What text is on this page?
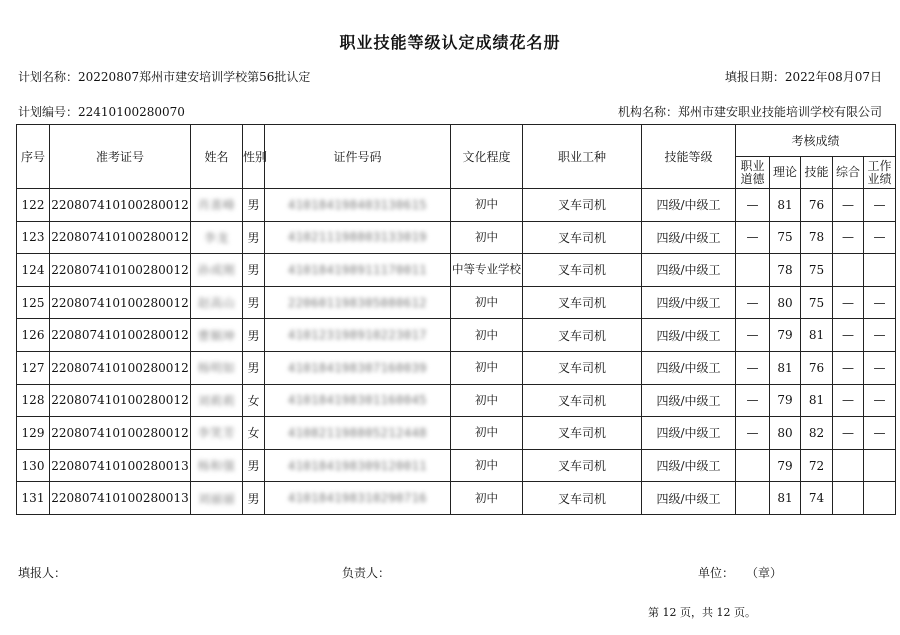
职业技能等级认定成绩花名册
计划名称：20220807郑州市建安培训学校第56批认定	填报日期：2022年08月07日
计划编号：22410100280070	机构名称：郑州市建安职业技能培训学校有限公司
序号	准考证号	姓名	性别	证件号码	文化程度	职业工种	技能等级	考核成绩				
								职业道德	理论	技能	综合	工作业绩
122	220807410100280012	肖喜峰	男	410184198403130615	初中	叉车司机	四级/中级工	—	81	76	—	—
123	220807410100280012	李龙	男	410211198803133019	初中	叉车司机	四级/中级工	—	75	78	—	—
124	220807410100280012	孙成刚	男	410184198911170011	中等专业学校	叉车司机	四级/中级工		78	75		
125	220807410100280012	赵高山	男	220601198305080612	初中	叉车司机	四级/中级工	—	80	75	—	—
126	220807410100280012	曹顺坤	男	410123198910223017	初中	叉车司机	四级/中级工	—	79	81	—	—
127	220807410100280012	杨明如	男	410184198307160039	初中	叉车司机	四级/中级工	—	81	76	—	—
128	220807410100280012	刘莉莉	女	410184198301160045	初中	叉车司机	四级/中级工	—	79	81	—	—
129	220807410100280012	李笑芳	女	410821198805212448	初中	叉车司机	四级/中级工	—	80	82	—	—
130	220807410100280013	杨和强	男	410184198309120011	初中	叉车司机	四级/中级工		79	72		
131	220807410100280013	刘丽丽	男	410184198310290716	初中	叉车司机	四级/中级工		81	74		
填报人：	负责人：	单位： （章）
第 12 页，共 12 页。
